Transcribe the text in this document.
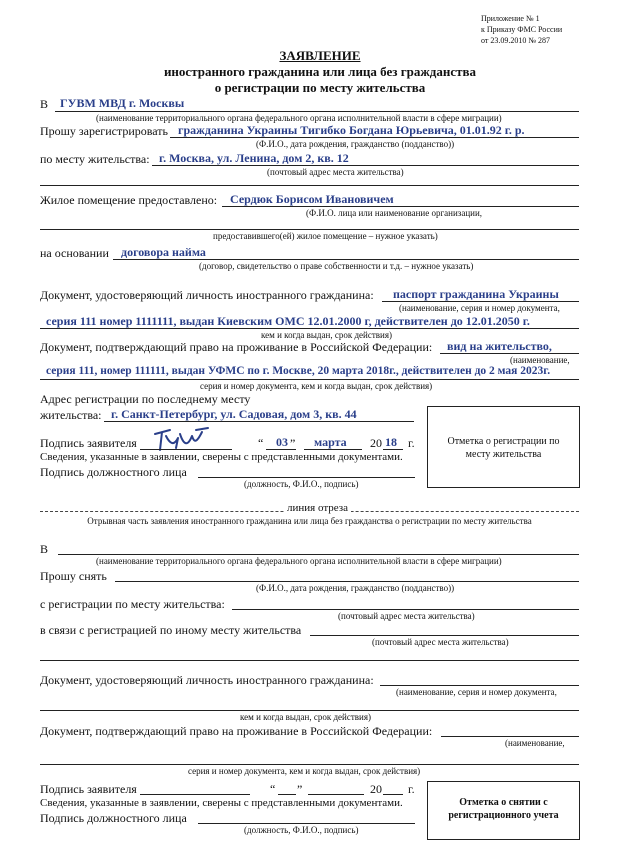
Приложение № 1
к Приказу ФМС России
от 23.09.2010 № 287
ЗАЯВЛЕНИЕ
иностранного гражданина или лица без гражданства
о регистрации по месту жительства
В ГУВМ МВД г. Москвы
(наименование территориального органа федерального органа исполнительной власти в сфере миграции)
Прошу зарегистрировать гражданина Украины Тигибко Богдана Юрьевича, 01.01.92 г. р.
(Ф.И.О., дата рождения, гражданство (подданство))
по месту жительства: г. Москва, ул. Ленина, дом 2, кв. 12
(почтовый адрес места жительства)
Жилое помещение предоставлено: Сердюк Борисом Ивановичем
(Ф.И.О. лица или наименование организации,
предоставившего(ей) жилое помещение – нужное указать)
на основании договора найма
(договор, свидетельство о праве собственности и т.д. – нужное указать)
Документ, удостоверяющий личность иностранного гражданина: паспорт гражданина Украины
(наименование, серия и номер документа,
серия 111 номер 1111111, выдан Киевским ОМС 12.01.2000 г, действителен до 12.01.2050 г.
кем и когда выдан, срок действия)
Документ, подтверждающий право на проживание в Российской Федерации: вид на жительство,
(наименование,
серия 111, номер 111111, выдан УФМС по г. Москве, 20 марта 2018г., действителен до 2 мая 2023г.
серия и номер документа, кем и когда выдан, срок действия)
Адрес регистрации по последнему месту
жительства: г. Санкт-Петербург, ул. Садовая, дом 3, кв. 44
Подпись заявителя	“ 03 ” марта 20 18 г.
Сведения, указанные в заявлении, сверены с представленными документами.
Подпись должностного лица
(должность, Ф.И.О., подпись)
Отметка о регистрации по месту жительства
линия отреза
Отрывная часть заявления иностранного гражданина или лица без гражданства о регистрации по месту жительства
В
(наименование территориального органа федерального органа исполнительной власти в сфере миграции)
Прошу снять
(Ф.И.О., дата рождения, гражданство (подданство))
с регистрации по месту жительства:
(почтовый адрес места жительства)
в связи с регистрацией по иному месту жительства
(почтовый адрес места жительства)
Документ, удостоверяющий личность иностранного гражданина:
(наименование, серия и номер документа,
кем и когда выдан, срок действия)
Документ, подтверждающий право на проживание в Российской Федерации:
(наименование,
серия и номер документа, кем и когда выдан, срок действия)
Подпись заявителя	“ ”	20 г.
Сведения, указанные в заявлении, сверены с представленными документами.
Подпись должностного лица
(должность, Ф.И.О., подпись)
Отметка о снятии с регистрационного учета
